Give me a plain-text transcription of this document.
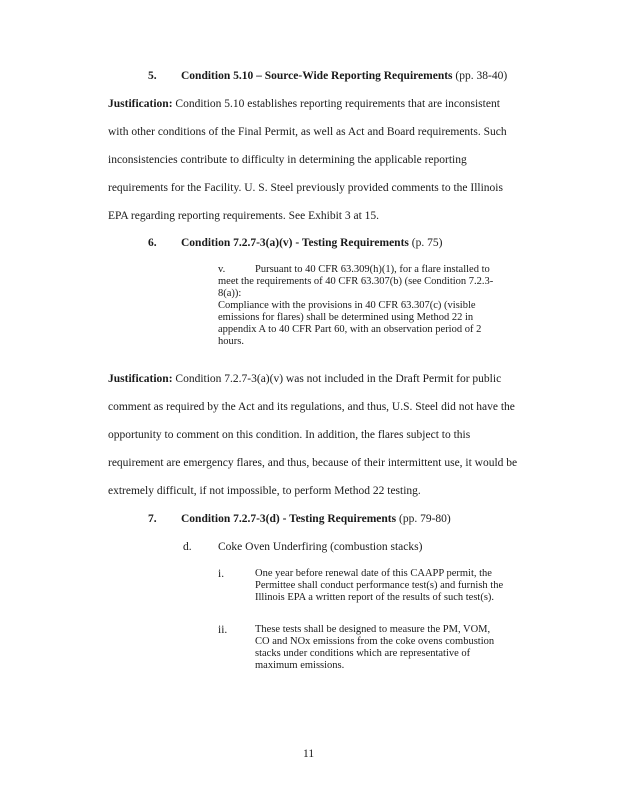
5. Condition 5.10 – Source-Wide Reporting Requirements (pp. 38-40)
Justification: Condition 5.10 establishes reporting requirements that are inconsistent
with other conditions of the Final Permit, as well as Act and Board requirements. Such
inconsistencies contribute to difficulty in determining the applicable reporting
requirements for the Facility. U. S. Steel previously provided comments to the Illinois
EPA regarding reporting requirements. See Exhibit 3 at 15.
6. Condition 7.2.7-3(a)(v) - Testing Requirements (p. 75)
v.	Pursuant to 40 CFR 63.309(h)(1), for a flare installed to
meet the requirements of 40 CFR 63.307(b) (see Condition 7.2.3-
8(a)):
Compliance with the provisions in 40 CFR 63.307(c) (visible
emissions for flares) shall be determined using Method 22 in
appendix A to 40 CFR Part 60, with an observation period of 2
hours.
Justification: Condition 7.2.7-3(a)(v) was not included in the Draft Permit for public
comment as required by the Act and its regulations, and thus, U.S. Steel did not have the
opportunity to comment on this condition. In addition, the flares subject to this
requirement are emergency flares, and thus, because of their intermittent use, it would be
extremely difficult, if not impossible, to perform Method 22 testing.
7. Condition 7.2.7-3(d) - Testing Requirements (pp. 79-80)
d. Coke Oven Underfiring (combustion stacks)
i.	One year before renewal date of this CAAPP permit, the
Permittee shall conduct performance test(s) and furnish the
Illinois EPA a written report of the results of such test(s).
ii.	These tests shall be designed to measure the PM, VOM,
CO and NOx emissions from the coke ovens combustion
stacks under conditions which are representative of
maximum emissions.
11
